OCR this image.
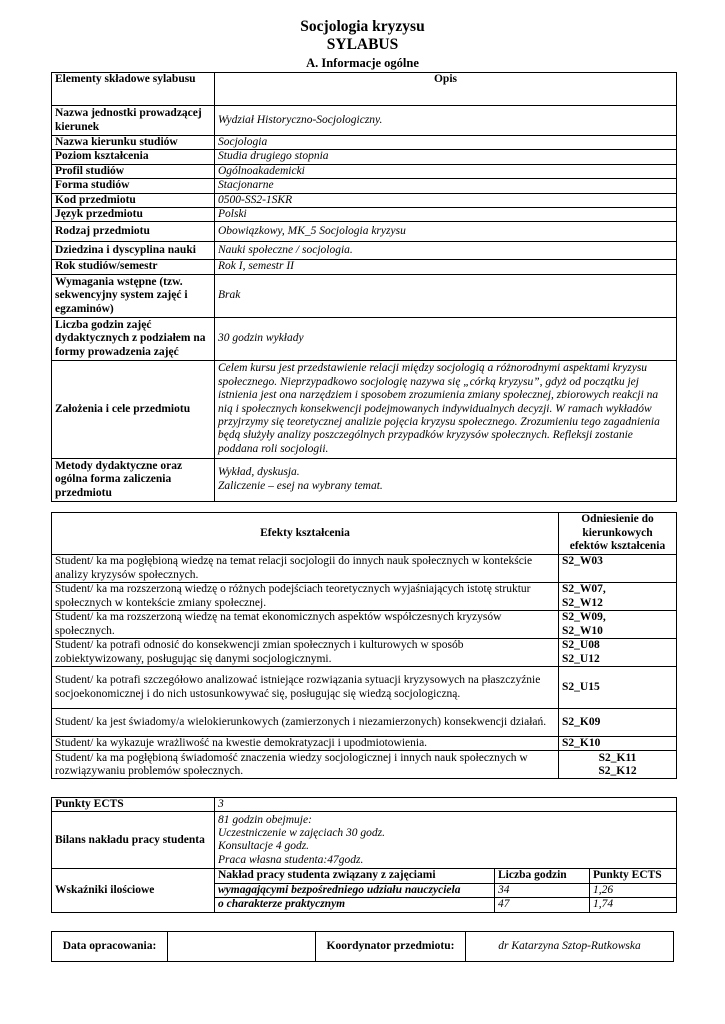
Socjologia kryzysu
SYLABUS
A. Informacje ogólne
Elementy składowe sylabusu	Opis
Nazwa jednostki prowadzącej kierunek	Wydział Historyczno-Socjologiczny.
Nazwa kierunku studiów	Socjologia
Poziom kształcenia	Studia drugiego stopnia
Profil studiów	Ogólnoakademicki
Forma studiów	Stacjonarne
Kod przedmiotu	0500-SS2-1SKR
Język przedmiotu	Polski
Rodzaj przedmiotu	Obowiązkowy, MK_5 Socjologia kryzysu
Dziedzina i dyscyplina nauki	Nauki społeczne / socjologia.
Rok studiów/semestr	Rok I, semestr II
Wymagania wstępne (tzw. sekwencyjny system zajęć i egzaminów)	Brak
Liczba godzin zajęć dydaktycznych z podziałem na formy prowadzenia zajęć	30 godzin wykłady
Założenia i cele przedmiotu	Celem kursu jest przedstawienie relacji między socjologią a różnorodnymi aspektami kryzysu społecznego. Nieprzypadkowo socjologię nazywa się „córką kryzysu”, gdyż od początku jej istnienia jest ona narzędziem i sposobem zrozumienia zmiany społecznej, zbiorowych reakcji na nią i społecznych konsekwencji podejmowanych indywidualnych decyzji. W ramach wykładów przyjrzymy się teoretycznej analizie pojęcia kryzysu społecznego. Zrozumieniu tego zagadnienia będą służyły analizy poszczególnych przypadków kryzysów społecznych. Refleksji zostanie poddana roli socjologii.
Metody dydaktyczne oraz ogólna forma zaliczenia przedmiotu	Wykład, dyskusja.
Zaliczenie – esej na wybrany temat.
Efekty kształcenia	Odniesienie do kierunkowych efektów kształcenia
Student/ ka ma pogłębioną wiedzę na temat relacji socjologii do innych nauk społecznych w kontekście analizy kryzysów społecznych.	S2_W03
Student/ ka ma rozszerzoną wiedzę o różnych podejściach teoretycznych wyjaśniających istotę struktur społecznych w kontekście zmiany społecznej.	S2_W07,
S2_W12

Student/ ka ma rozszerzoną wiedzę na temat ekonomicznych aspektów współczesnych kryzysów społecznych.	S2_W09,
S2_W10

Student/ ka potrafi odnosić do konsekwencji zmian społecznych i kulturowych w sposób zobiektywizowany, posługując się danymi socjologicznymi.	S2_U08
S2_U12

Student/ ka potrafi szczegółowo analizować istniejące rozwiązania sytuacji kryzysowych na płaszczyźnie socjoekonomicznej i do nich ustosunkowywać się, posługując się wiedzą socjologiczną.	S2_U15
Student/ ka jest świadomy/a wielokierunkowych (zamierzonych i niezamierzonych) konsekwencji działań.	S2_K09
Student/ ka wykazuje wrażliwość na kwestie demokratyzacji i upodmiotowienia.	S2_K10
Student/ ka ma pogłębioną świadomość znaczenia wiedzy socjologicznej i innych nauk społecznych w rozwiązywaniu problemów społecznych.	S2_K11
S2_K12
Punkty ECTS	3		
Bilans nakładu pracy studenta	81 godzin obejmuje:
Uczestniczenie w zajęciach 30 godz.
Konsultacje 4 godz.
Praca własna studenta:47godz.		

Wskaźniki ilościowe	Nakład pracy studenta związany z zajęciami	Liczba godzin	Punkty ECTS
	wymagającymi bezpośredniego udziału nauczyciela	34	1,26
	o charakterze praktycznym	47	1,74
Data opracowania:		Koordynator przedmiotu:	dr Katarzyna Sztop-Rutkowska
